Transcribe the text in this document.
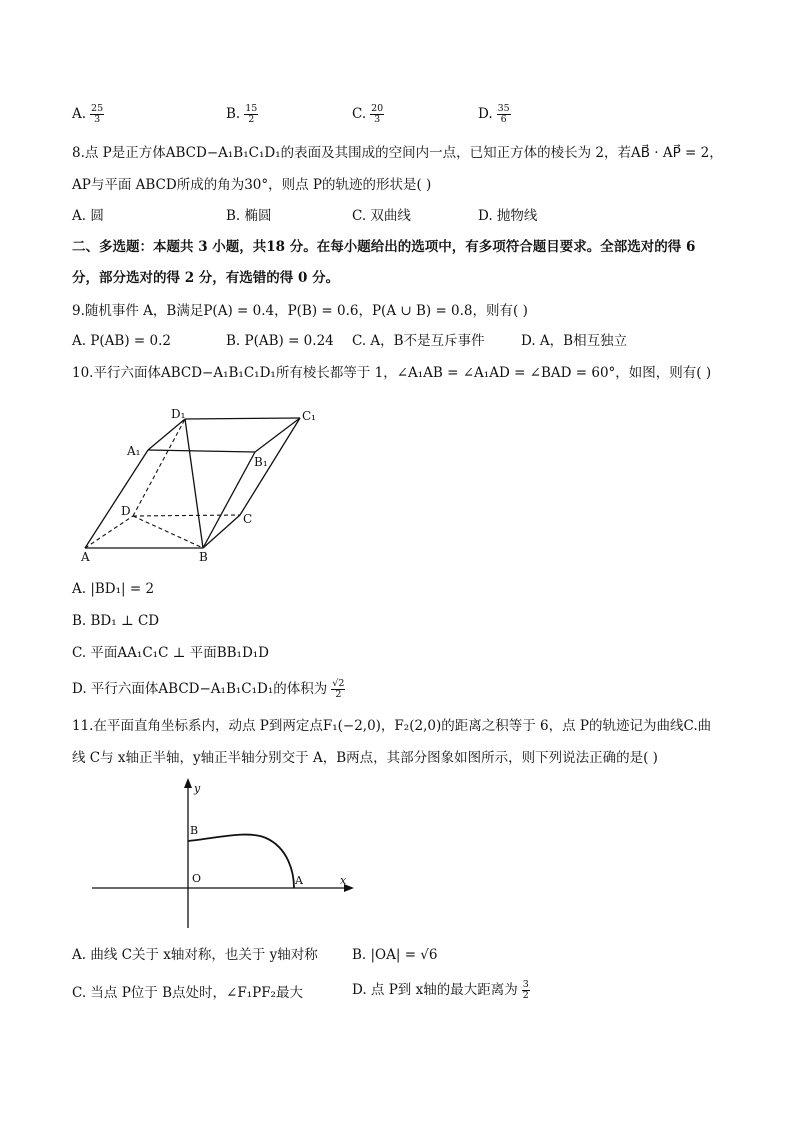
A. $\frac{25}{3}$	B. $\frac{15}{2}$	C. $\frac{20}{3}$	D. $\frac{35}{6}$
8.点 P是正方体ABCD−A₁B₁C₁D₁的表面及其围成的空间内一点，已知正方体的棱长为 2，若AB⃗ · AP⃗ = 2，
AP与平面 ABCD所成的角为30°，则点 P的轨迹的形状是( )
A. 圆	B. 椭圆	C. 双曲线	D. 抛物线
二、多选题：本题共 3 小题，共18 分。在每小题给出的选项中，有多项符合题目要求。全部选对的得 6
分，部分选对的得 2 分，有选错的得 0 分。
9.随机事件 A，B满足P(A) = 0.4，P(B) = 0.6，P(A ∪ B) = 0.8，则有( )
A. P(AB) = 0.2	B. P(AB) = 0.24 C. A，B不是互斥事件	D. A，B相互独立
10.平行六面体ABCD−A₁B₁C₁D₁所有棱长都等于 1，∠A₁AB = ∠A₁AD = ∠BAD = 60°，如图，则有( )
D₁	C₁
A₁
B₁
D
C
A	B
A. |BD₁| = 2
B. BD₁ ⊥ CD
C. 平面AA₁C₁C ⊥ 平面BB₁D₁D
D. 平行六面体ABCD−A₁B₁C₁D₁的体积为 $\frac{√2}{2}$
11.在平面直角坐标系内，动点 P到两定点F₁(−2,0)，F₂(2,0)的距离之积等于 6，点 P的轨迹记为曲线C.曲
线 C与 x轴正半轴，y轴正半轴分别交于 A，B两点，其部分图象如图所示，则下列说法正确的是( )
y
x
B
O	A
A. 曲线 C关于 x轴对称，也关于 y轴对称	B. |OA| = √6
C. 当点 P位于 B点处时，∠F₁PF₂最大	D. 点 P到 x轴的最大距离为 $\frac{3}{2}$
